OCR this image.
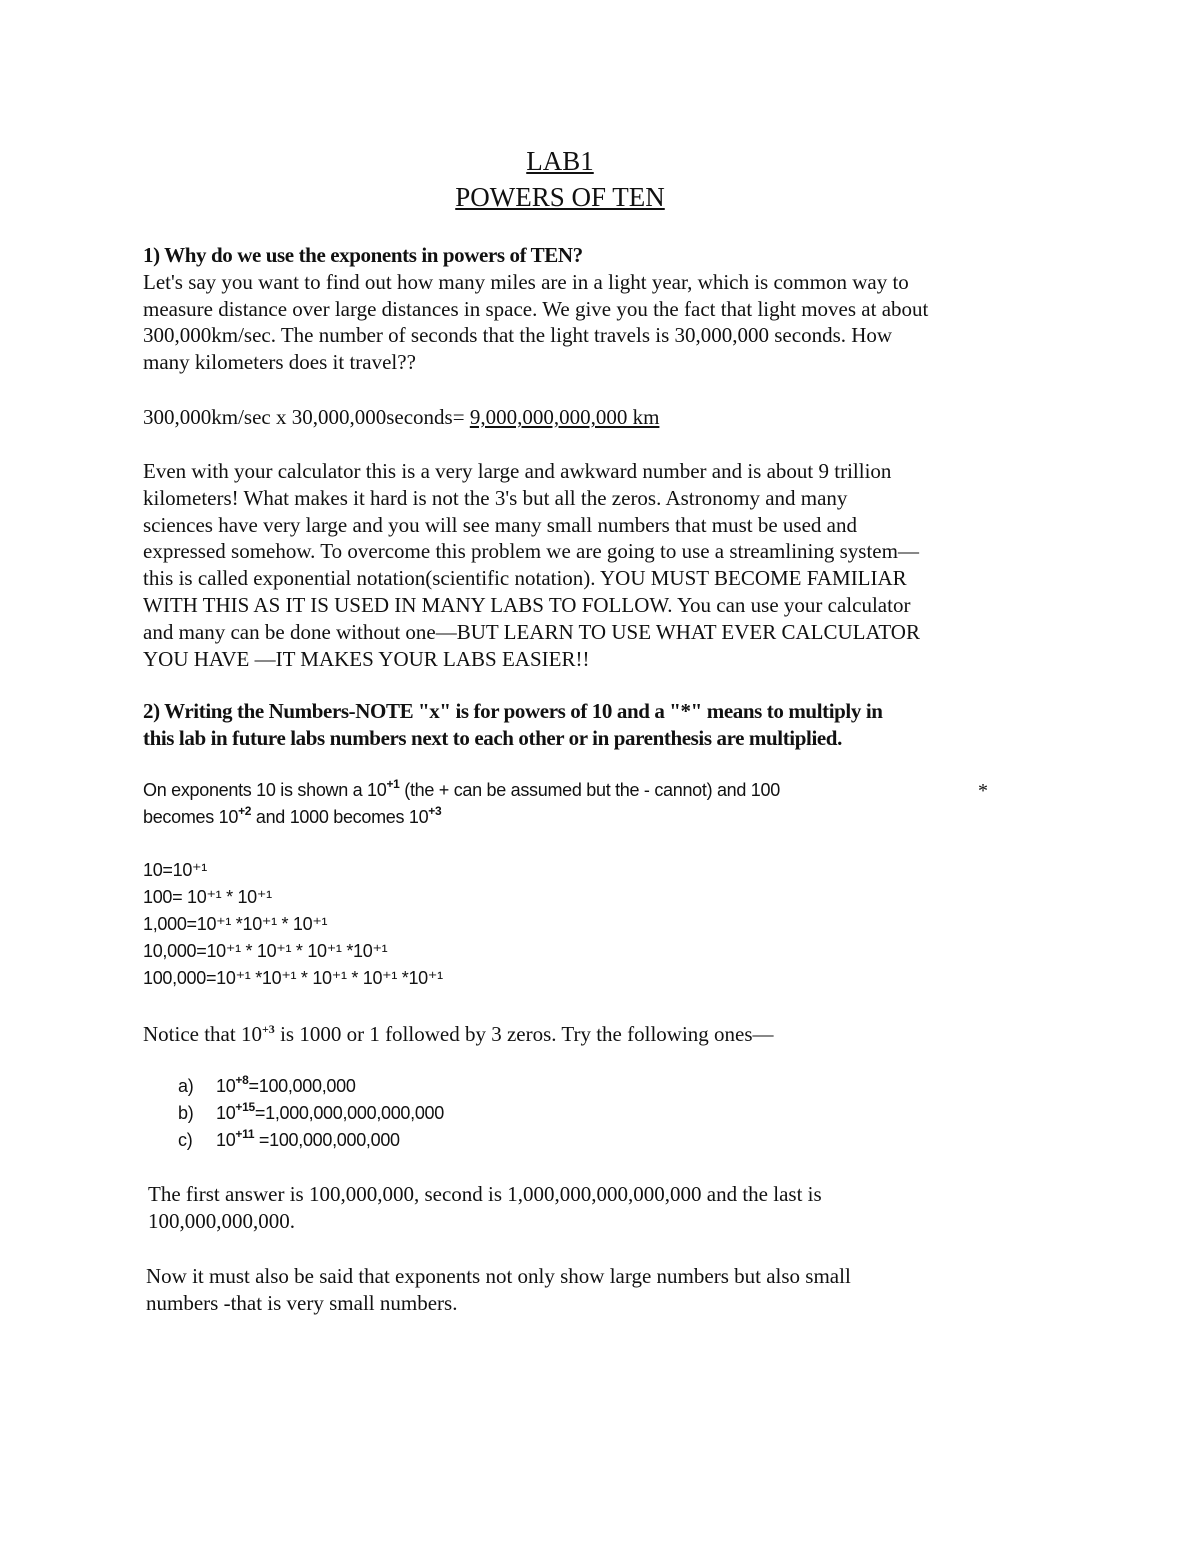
LAB1
POWERS OF TEN
1) Why do we use the exponents in powers of TEN?
Let's say you want to find out how many miles are in a light year, which is common way to
measure distance over large distances in space. We give you the fact that light moves at about
300,000km/sec. The number of seconds that the light travels is 30,000,000 seconds. How
many kilometers does it travel??
300,000km/sec x 30,000,000seconds= 9,000,000,000,000 km
Even with your calculator this is a very large and awkward number and is about 9 trillion
kilometers! What makes it hard is not the 3's but all the zeros. Astronomy and many
sciences have very large and you will see many small numbers that must be used and
expressed somehow. To overcome this problem we are going to use a streamlining system—
this is called exponential notation(scientific notation). YOU MUST BECOME FAMILIAR
WITH THIS AS IT IS USED IN MANY LABS TO FOLLOW. You can use your calculator
and many can be done without one—BUT LEARN TO USE WHAT EVER CALCULATOR
YOU HAVE —IT MAKES YOUR LABS EASIER!!
2) Writing the Numbers-NOTE "x" is for powers of 10 and a "*" means to multiply in
this lab in future labs numbers next to each other or in parenthesis are multiplied.
On exponents 10 is shown a $10^{+1}$ (the + can be assumed but the - cannot) and 100
becomes $10^{+2}$ and 1000 becomes $10^{+3}$
*
10=10⁺¹
100= 10⁺¹ * 10⁺¹
1,000=10⁺¹ *10⁺¹ * 10⁺¹
10,000=10⁺¹ * 10⁺¹ * 10⁺¹ *10⁺¹
100,000=10⁺¹ *10⁺¹ * 10⁺¹ * 10⁺¹ *10⁺¹
Notice that $10^{+3}$ is 1000 or 1 followed by 3 zeros. Try the following ones—
a)	$10^{+8}=100,000,000$
b)	$10^{+15}=1,000,000,000,000,000$
c)	$10^{+11} =100,000,000,000$
The first answer is 100,000,000, second is 1,000,000,000,000,000 and the last is
100,000,000,000.
Now it must also be said that exponents not only show large numbers but also small
numbers -that is very small numbers.
